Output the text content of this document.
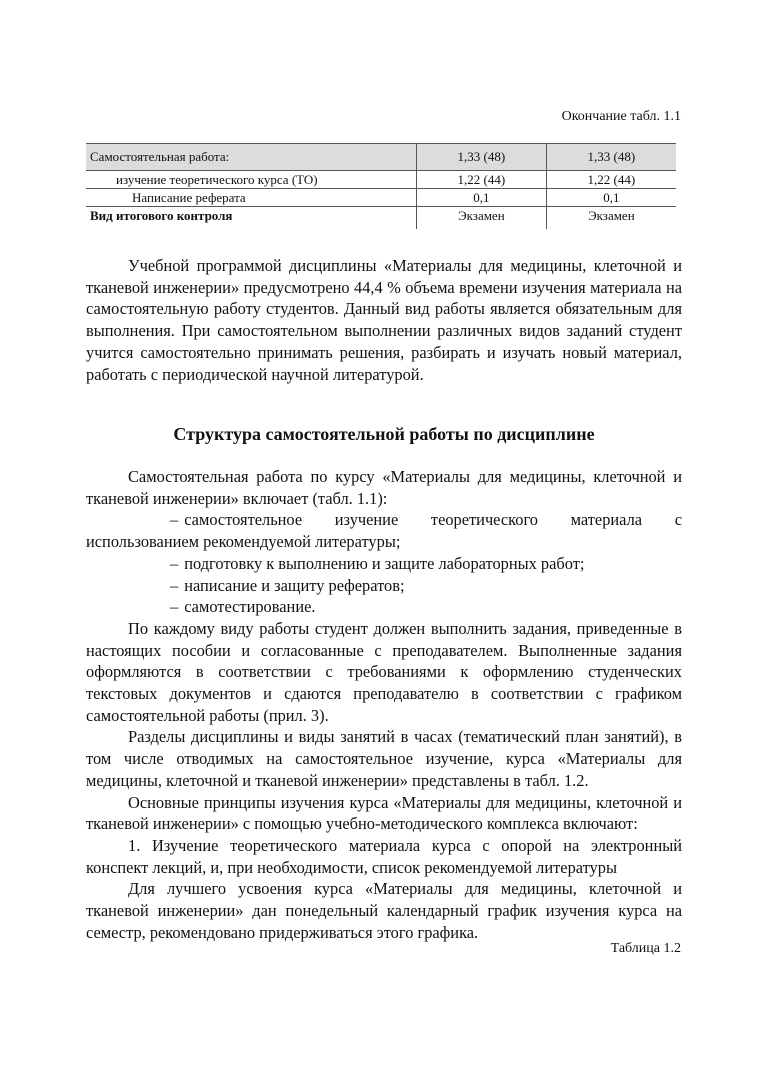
Окончание табл. 1.1
Самостоятельная работа:	1,33 (48)	1,33 (48)
изучение теоретического курса (ТО)	1,22 (44)	1,22 (44)
Написание реферата	0,1	0,1
Вид итогового контроля	Экзамен	Экзамен

Учебной программой дисциплины «Материалы для медицины, клеточной и тканевой инженерии» предусмотрено 44,4 % объема времени изучения материала на самостоятельную работу студентов. Данный вид работы является обязательным для выполнения. При самостоятельном выполнении различных видов заданий студент учится самостоятельно принимать решения, разбирать и изучать новый материал, работать с периодической научной литературой.

Структура самостоятельной работы по дисциплине

Самостоятельная работа по курсу «Материалы для медицины, клеточной и тканевой инженерии» включает (табл. 1.1):

– самостоятельное изучение теоретического материала с использованием рекомендуемой литературы;

– подготовку к выполнению и защите лабораторных работ;

– написание и защиту рефератов;

– самотестирование.

По каждому виду работы студент должен выполнить задания, приведенные в настоящих пособии и согласованные с преподавателем. Выполненные задания оформляются в соответствии с требованиями к оформлению студенческих текстовых документов и сдаются преподавателю в соответствии с графиком самостоятельной работы (прил. 3).

Разделы дисциплины и виды занятий в часах (тематический план занятий), в том числе отводимых на самостоятельное изучение, курса «Материалы для медицины, клеточной и тканевой инженерии» представлены в табл. 1.2.

Основные принципы изучения курса «Материалы для медицины, клеточной и тканевой инженерии» с помощью учебно-методического комплекса включают:

1. Изучение теоретического материала курса с опорой на электронный конспект лекций, и, при необходимости, список рекомендуемой литературы

Для лучшего усвоения курса «Материалы для медицины, клеточной и тканевой инженерии» дан понедельный календарный график изучения курса на семестр, рекомендовано придерживаться этого графика.

Таблица 1.2
